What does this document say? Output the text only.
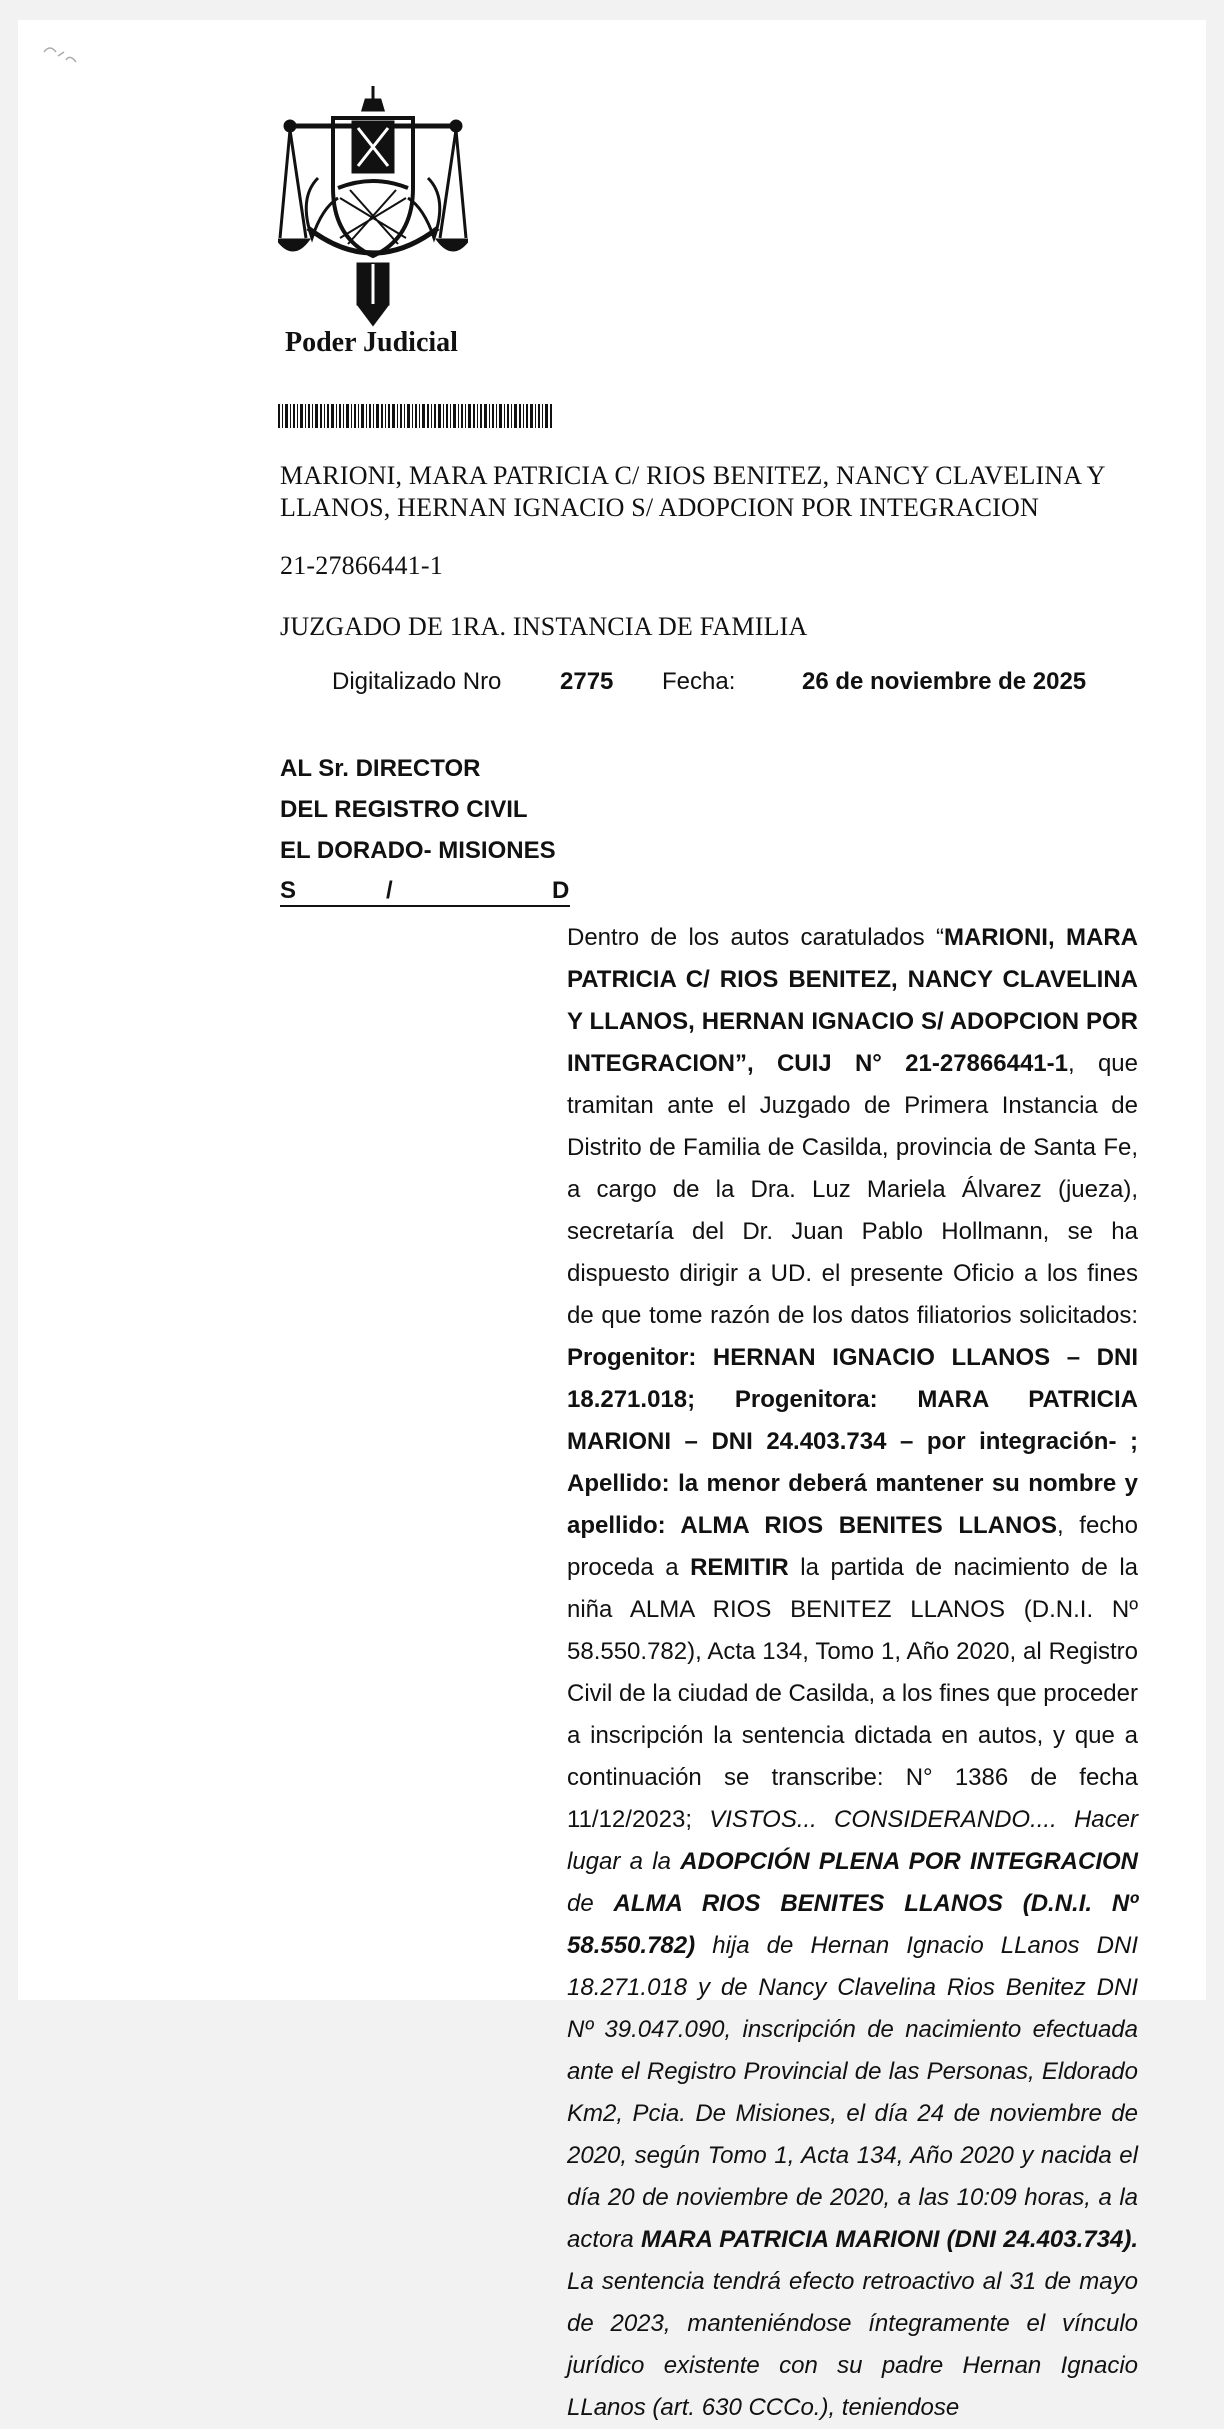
Poder Judicial
MARIONI, MARA PATRICIA C/ RIOS BENITEZ, NANCY CLAVELINA Y LLANOS, HERNAN IGNACIO S/ ADOPCION POR INTEGRACION
21-27866441-1
JUZGADO DE 1RA. INSTANCIA DE FAMILIA
Digitalizado Nro 2775 Fecha:	26 de noviembre de 2025
AL Sr. DIRECTOR
DEL REGISTRO CIVIL
EL DORADO- MISIONES
S	/	D
Dentro de los autos caratulados “MARIONI, MARA PATRICIA C/ RIOS BENITEZ, NANCY CLAVELINA Y LLANOS, HERNAN IGNACIO S/ ADOPCION POR INTEGRACION”, CUIJ N° 21-27866441-1, que tramitan ante el Juzgado de Primera Instancia de Distrito de Familia de Casilda, provincia de Santa Fe, a cargo de la Dra. Luz Mariela Álvarez (jueza), secretaría del Dr. Juan Pablo Hollmann, se ha dispuesto dirigir a UD. el presente Oficio a los fines de que tome razón de los datos filiatorios solicitados: Progenitor: HERNAN IGNACIO LLANOS – DNI 18.271.018; Progenitora: MARA PATRICIA MARIONI – DNI 24.403.734 – por integración- ; Apellido: la menor deberá mantener su nombre y apellido: ALMA RIOS BENITES LLANOS, fecho proceda a REMITIR la partida de nacimiento de la niña ALMA RIOS BENITEZ LLANOS (D.N.I. Nº 58.550.782), Acta 134, Tomo 1, Año 2020, al Registro Civil de la ciudad de Casilda, a los fines que proceder a inscripción la sentencia dictada en autos, y que a continuación se transcribe: N° 1386 de fecha 11/12/2023; VISTOS... CONSIDERANDO.... Hacer lugar a la ADOPCIÓN PLENA POR INTEGRACION de ALMA RIOS BENITES LLANOS (D.N.I. Nº 58.550.782) hija de Hernan Ignacio LLanos DNI 18.271.018 y de Nancy Clavelina Rios Benitez DNI Nº 39.047.090, inscripción de nacimiento efectuada ante el Registro Provincial de las Personas, Eldorado Km2, Pcia. De Misiones, el día 24 de noviembre de 2020, según Tomo 1, Acta 134, Año 2020 y nacida el día 20 de noviembre de 2020, a las 10:09 horas, a la actora MARA PATRICIA MARIONI (DNI 24.403.734). La sentencia tendrá efecto retroactivo al 31 de mayo de 2023, manteniéndose íntegramente el vínculo jurídico existente con su padre Hernan Ignacio LLanos (art. 630 CCCo.), teniendose
